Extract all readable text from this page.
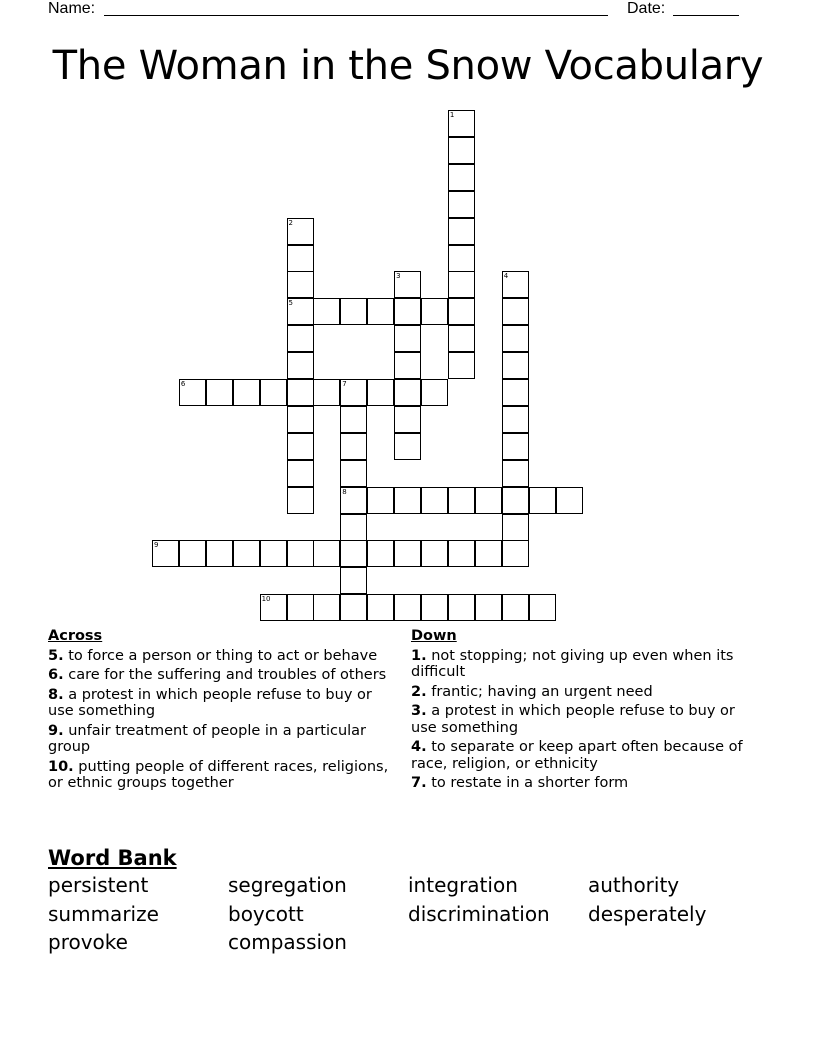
Name:	Date:
The Woman in the Snow Vocabulary
1
2
5
3	4
6	7
8
9
10
Across
5. to force a person or thing to act or behave
6. care for the suffering and troubles of others
8. a protest in which people refuse to buy or use something
9. unfair treatment of people in a particular group
10. putting people of different races, religions, or ethnic groups together
Down
1. not stopping; not giving up even when its difficult
2. frantic; having an urgent need
3. a protest in which people refuse to buy or use something
4. to separate or keep apart often because of race, religion, or ethnicity
7. to restate in a shorter form
Word Bank
persistent	segregation	integration	authority
summarize	boycott	discrimination	desperately
provoke	compassion
